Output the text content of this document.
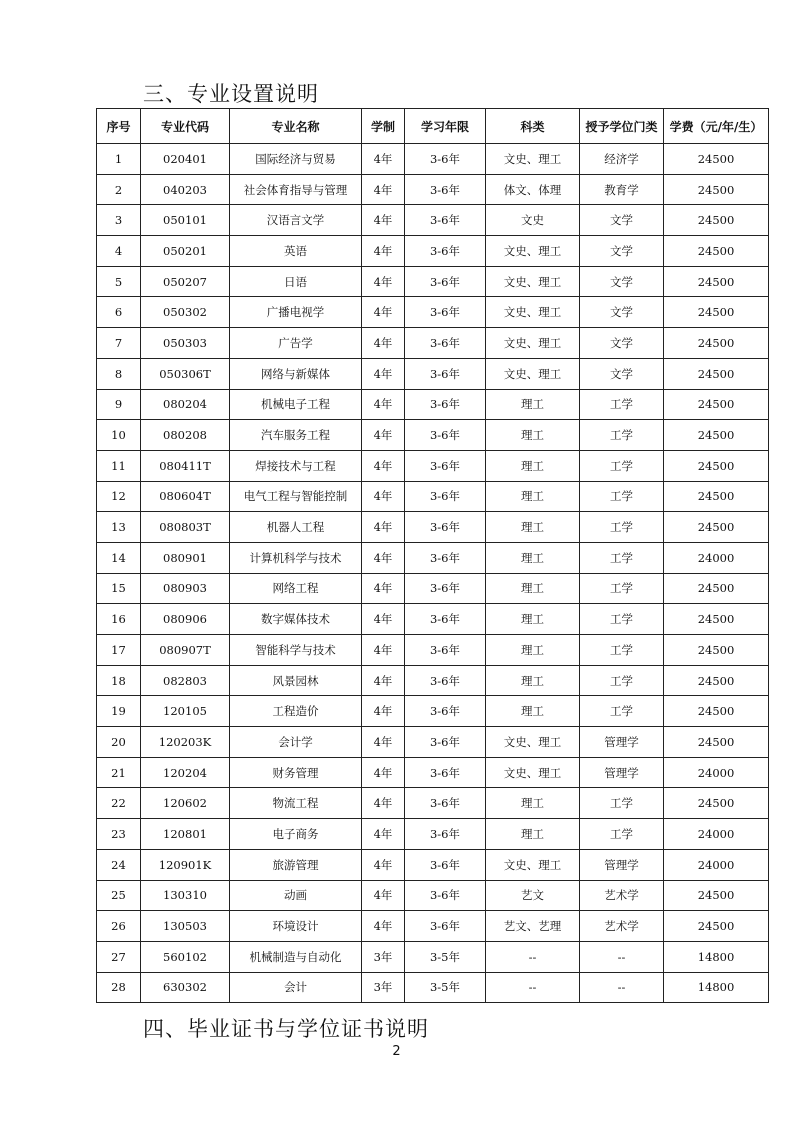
三、专业设置说明
序号	专业代码	专业名称	学制	学习年限	科类	授予学位门类	学费（元/年/生）
1	020401	国际经济与贸易	4年	3-6年	文史、理工	经济学	24500
2	040203	社会体育指导与管理	4年	3-6年	体文、体理	教育学	24500
3	050101	汉语言文学	4年	3-6年	文史	文学	24500
4	050201	英语	4年	3-6年	文史、理工	文学	24500
5	050207	日语	4年	3-6年	文史、理工	文学	24500
6	050302	广播电视学	4年	3-6年	文史、理工	文学	24500
7	050303	广告学	4年	3-6年	文史、理工	文学	24500
8	050306T	网络与新媒体	4年	3-6年	文史、理工	文学	24500
9	080204	机械电子工程	4年	3-6年	理工	工学	24500
10	080208	汽车服务工程	4年	3-6年	理工	工学	24500
11	080411T	焊接技术与工程	4年	3-6年	理工	工学	24500
12	080604T	电气工程与智能控制	4年	3-6年	理工	工学	24500
13	080803T	机器人工程	4年	3-6年	理工	工学	24500
14	080901	计算机科学与技术	4年	3-6年	理工	工学	24000
15	080903	网络工程	4年	3-6年	理工	工学	24500
16	080906	数字媒体技术	4年	3-6年	理工	工学	24500
17	080907T	智能科学与技术	4年	3-6年	理工	工学	24500
18	082803	风景园林	4年	3-6年	理工	工学	24500
19	120105	工程造价	4年	3-6年	理工	工学	24500
20	120203K	会计学	4年	3-6年	文史、理工	管理学	24500
21	120204	财务管理	4年	3-6年	文史、理工	管理学	24000
22	120602	物流工程	4年	3-6年	理工	工学	24500
23	120801	电子商务	4年	3-6年	理工	工学	24000
24	120901K	旅游管理	4年	3-6年	文史、理工	管理学	24000
25	130310	动画	4年	3-6年	艺文	艺术学	24500
26	130503	环境设计	4年	3-6年	艺文、艺理	艺术学	24500
27	560102	机械制造与自动化	3年	3-5年	--	--	14800
28	630302	会计	3年	3-5年	--	--	14800
四、毕业证书与学位证书说明
2
